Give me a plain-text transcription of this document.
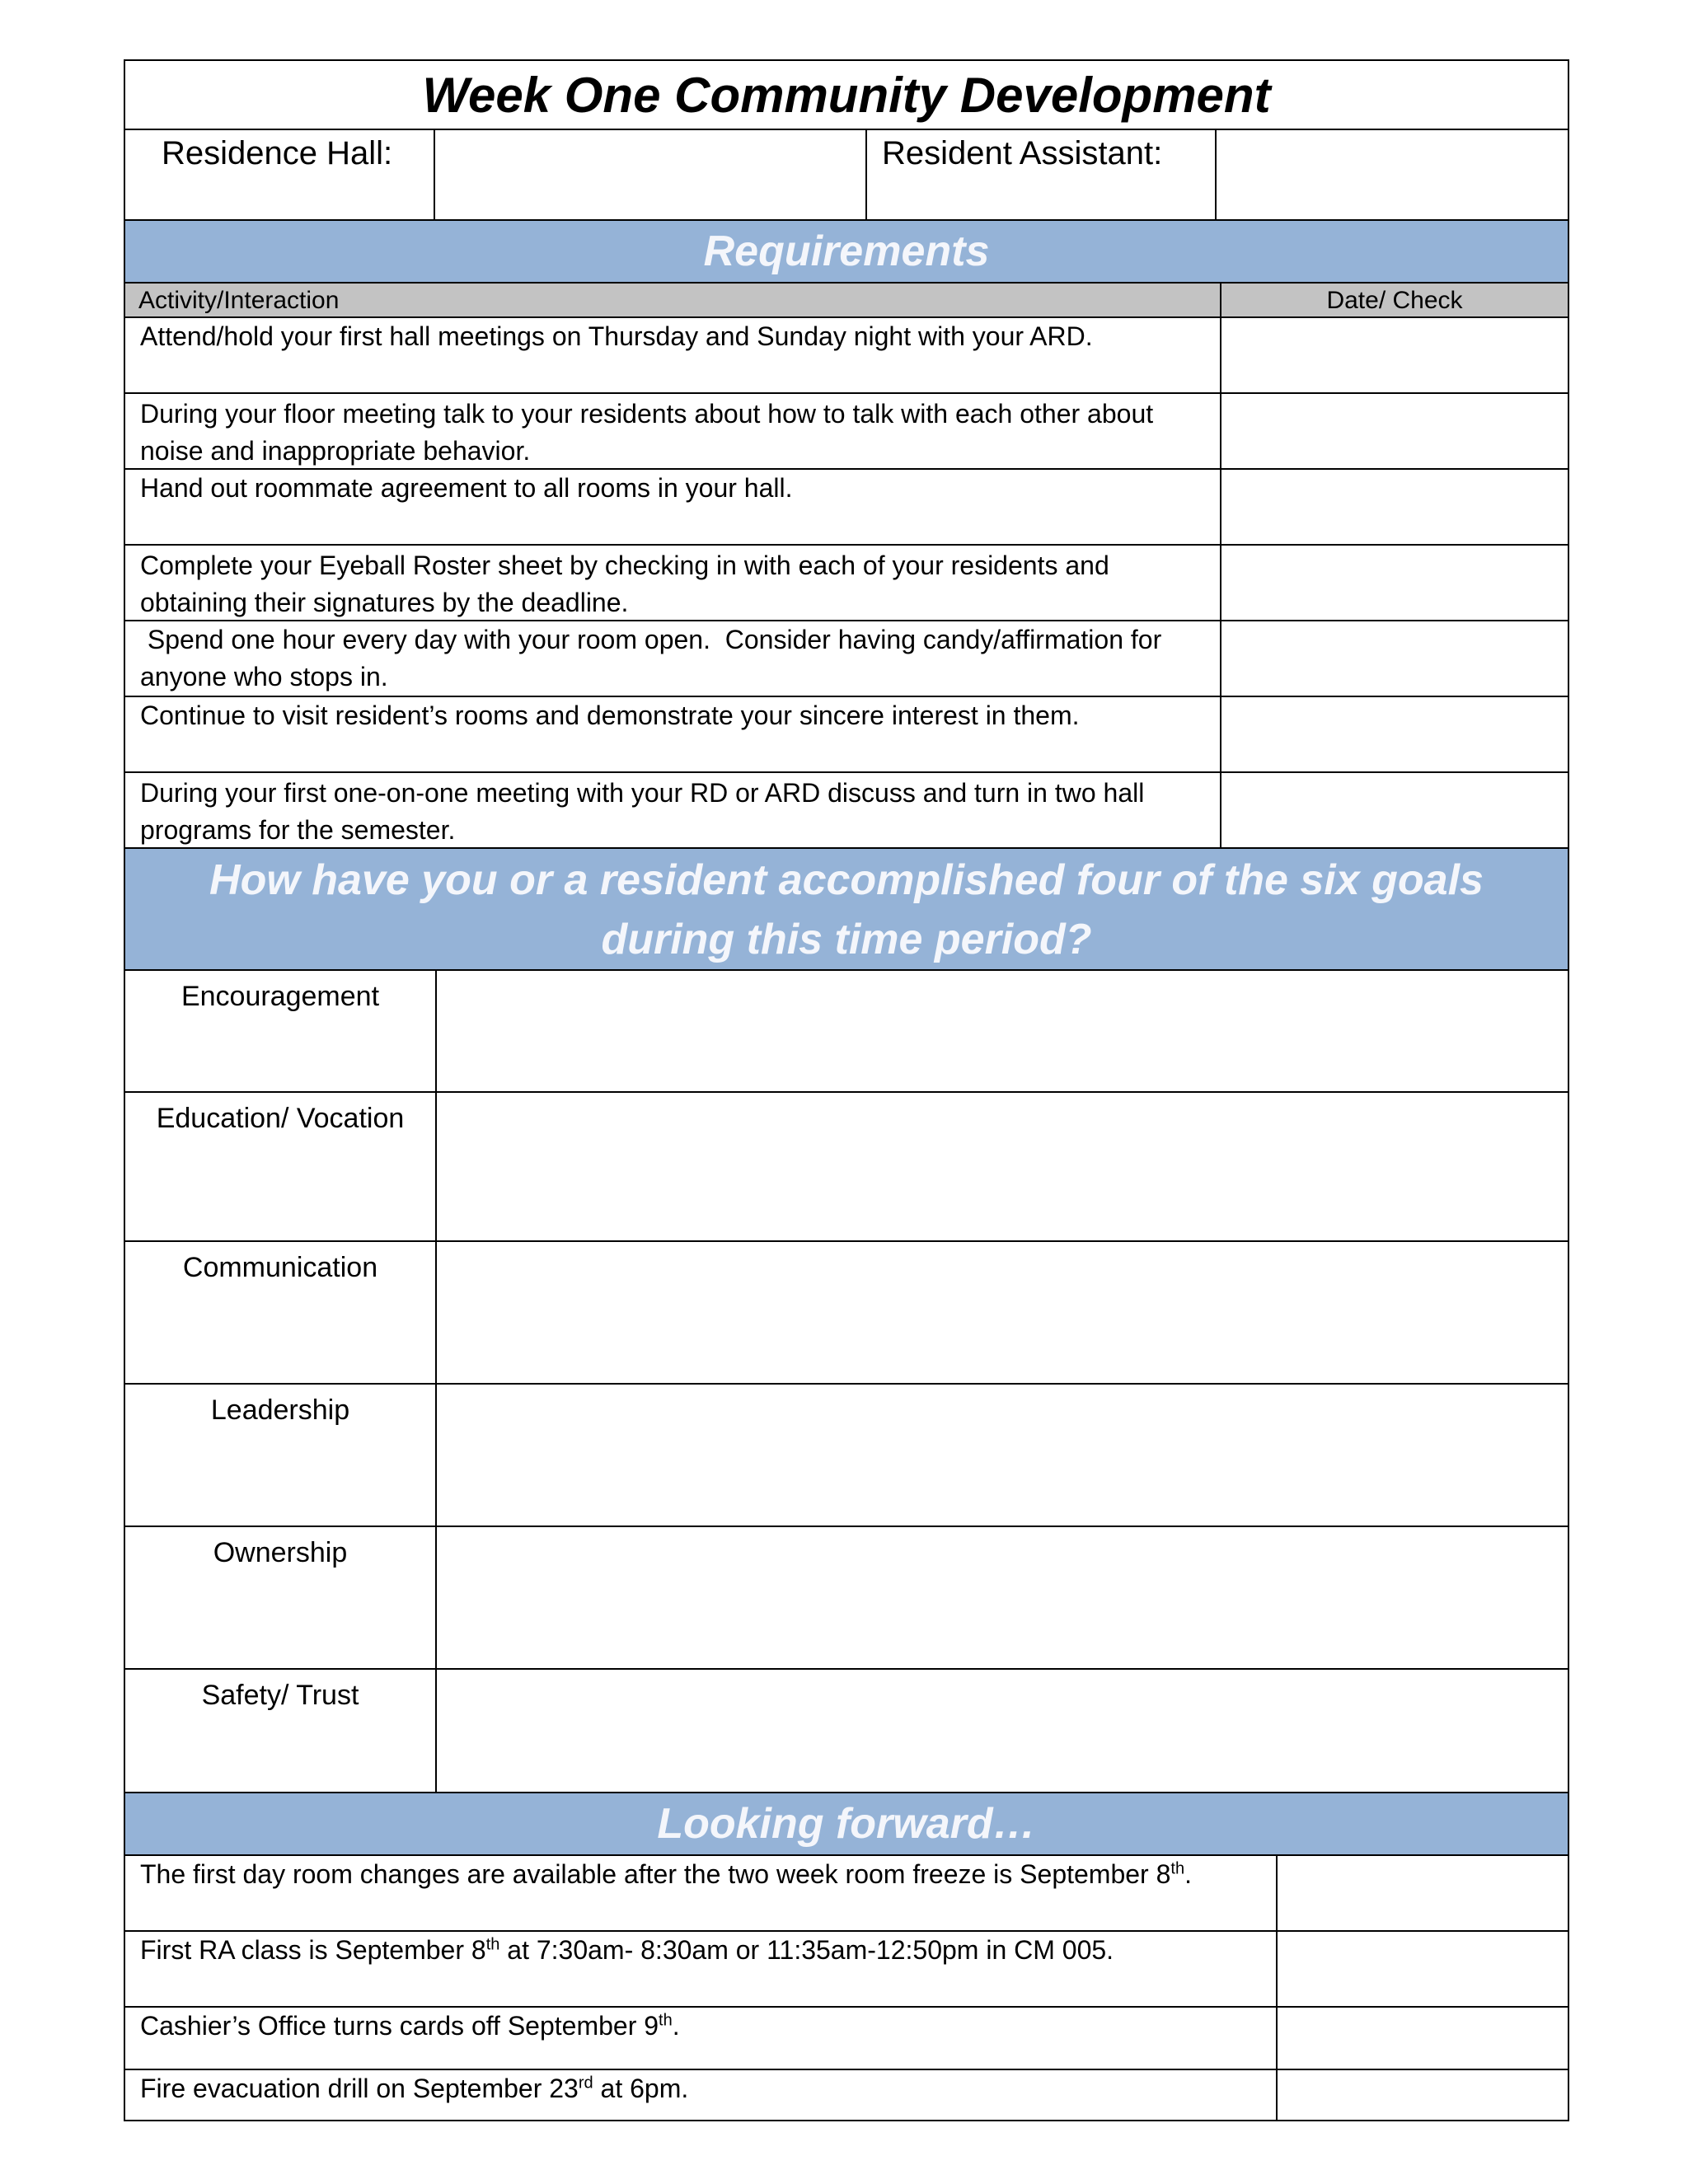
Week One Community Development
Residence Hall:	Resident Assistant:
Requirements
Activity/Interaction	Date/ Check
Attend/hold your first hall meetings on Thursday and Sunday night with your ARD.
During your floor meeting talk to your residents about how to talk with each other about noise and inappropriate behavior.
Hand out roommate agreement to all rooms in your hall.
Complete your Eyeball Roster sheet by checking in with each of your residents and obtaining their signatures by the deadline.
Spend one hour every day with your room open.  Consider having candy/affirmation for anyone who stops in.
Continue to visit resident’s rooms and demonstrate your sincere interest in them.
During your first one-on-one meeting with your RD or ARD discuss and turn in two hall programs for the semester.
How have you or a resident accomplished four of the six goals
during this time period?
Encouragement
Education/ Vocation
Communication
Leadership
Ownership
Safety/ Trust
Looking forward…
The first day room changes are available after the two week room freeze is September 8th.
First RA class is September 8th at 7:30am- 8:30am or 11:35am-12:50pm in CM 005.
Cashier’s Office turns cards off September 9th.
Fire evacuation drill on September 23rd at 6pm.
